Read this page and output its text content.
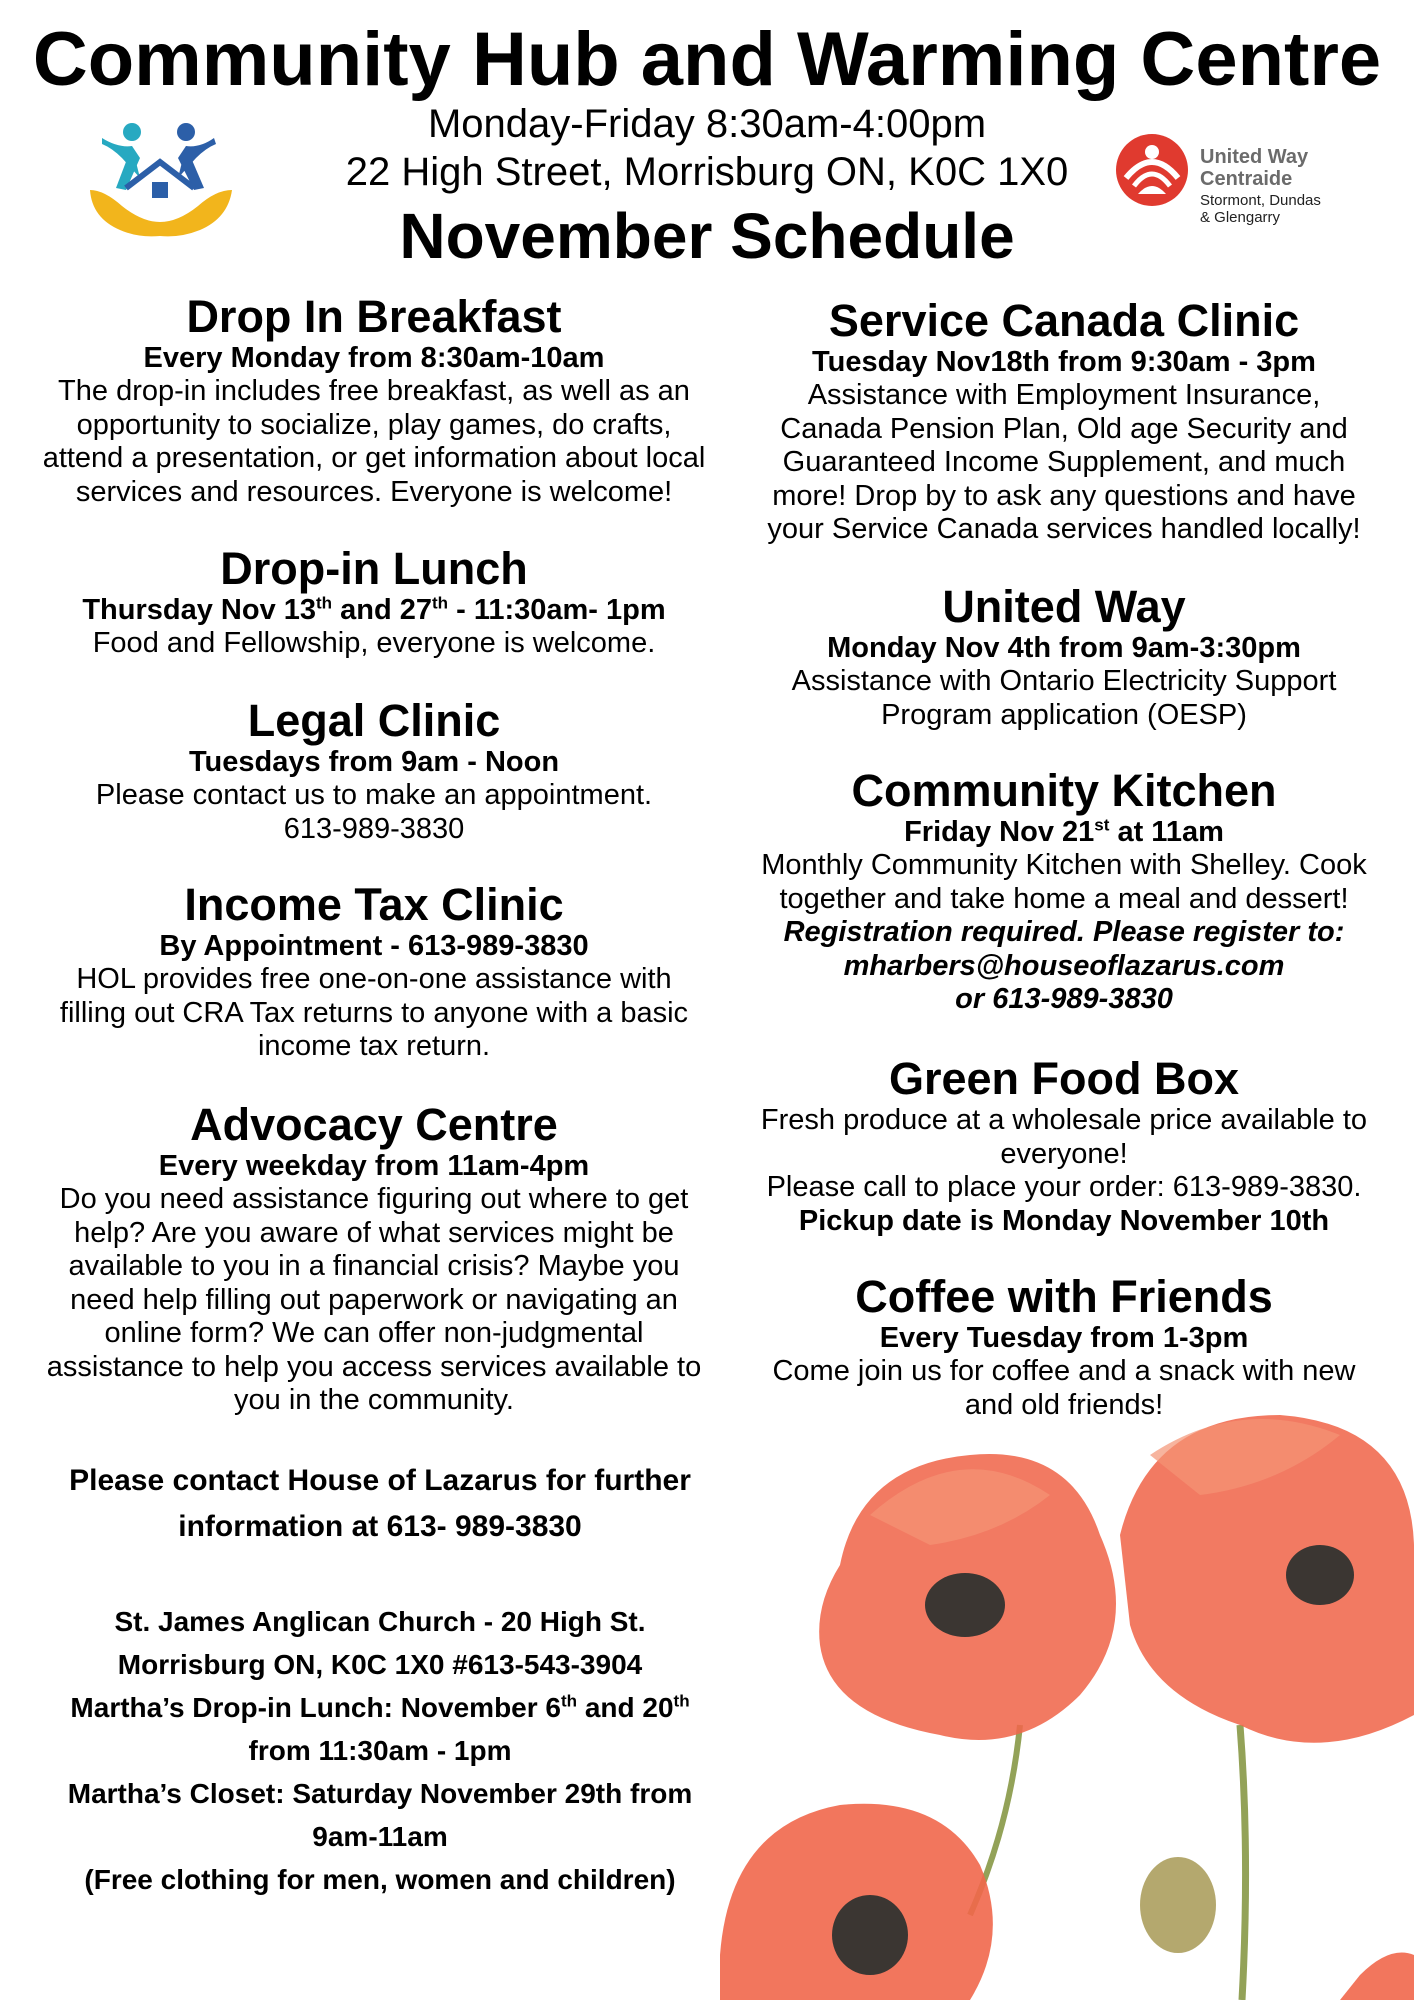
Community Hub and Warming Centre
Monday-Friday 8:30am-4:00pm
22 High Street, Morrisburg ON, K0C 1X0	United Way
Centraide
Stormont, Dundas
& Glengarry
November Schedule
Drop In Breakfast
Every Monday from 8:30am-10am
The drop-in includes free breakfast, as well as an
opportunity to socialize, play games, do crafts,
attend a presentation, or get information about local
services and resources. Everyone is welcome!
Drop-in Lunch
Thursday Nov 13th and 27th - 11:30am- 1pm
Food and Fellowship, everyone is welcome.
Legal Clinic
Tuesdays from 9am - Noon
Please contact us to make an appointment.
613-989-3830
Income Tax Clinic
By Appointment - 613-989-3830
HOL provides free one-on-one assistance with
filling out CRA Tax returns to anyone with a basic
income tax return.
Advocacy Centre
Every weekday from 11am-4pm
Do you need assistance figuring out where to get
help? Are you aware of what services might be
available to you in a financial crisis? Maybe you
need help filling out paperwork or navigating an
online form? We can offer non-judgmental
assistance to help you access services available to
you in the community.
Please contact House of Lazarus for further
information at 613- 989-3830
St. James Anglican Church - 20 High St.
Morrisburg ON, K0C 1X0 #613-543-3904
Martha’s Drop-in Lunch: November 6th and 20th
from 11:30am - 1pm
Martha’s Closet: Saturday November 29th from
9am-11am
(Free clothing for men, women and children)
Service Canada Clinic
Tuesday Nov18th from 9:30am - 3pm
Assistance with Employment Insurance,
Canada Pension Plan, Old age Security and
Guaranteed Income Supplement, and much
more! Drop by to ask any questions and have
your Service Canada services handled locally!
United Way
Monday Nov 4th from 9am-3:30pm
Assistance with Ontario Electricity Support
Program application (OESP)
Community Kitchen
Friday Nov 21st at 11am
Monthly Community Kitchen with Shelley. Cook
together and take home a meal and dessert!
Registration required. Please register to:
mharbers@houseoflazarus.com
or 613-989-3830
Green Food Box
Fresh produce at a wholesale price available to
everyone!
Please call to place your order: 613-989-3830.
Pickup date is Monday November 10th
Coffee with Friends
Every Tuesday from 1-3pm
Come join us for coffee and a snack with new
and old friends!
